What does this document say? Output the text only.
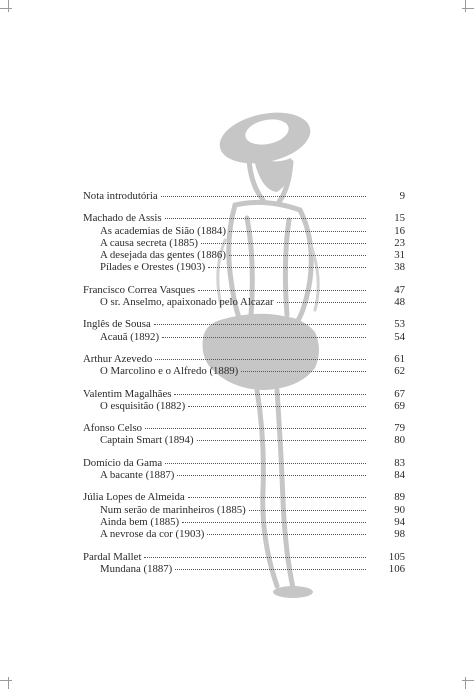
Nota introdutória	9
Machado de Assis	15
As academias de Sião (1884)	16
A causa secreta (1885)	23
A desejada das gentes (1886)	31
Pílades e Orestes (1903)	38
Francisco Correa Vasques	47
O sr. Anselmo, apaixonado pelo Alcazar	48
Inglês de Sousa	53
Acauã (1892)	54
Arthur Azevedo	61
O Marcolino e o Alfredo (1889)	62
Valentim Magalhães	67
O esquisitão (1882)	69
Afonso Celso	79
Captain Smart (1894)	80
Domício da Gama	83
A bacante (1887)	84
Júlia Lopes de Almeida	89
Num serão de marinheiros (1885)	90
Ainda bem (1885)	94
A nevrose da cor (1903)	98
Pardal Mallet	105
Mundana (1887)	106
